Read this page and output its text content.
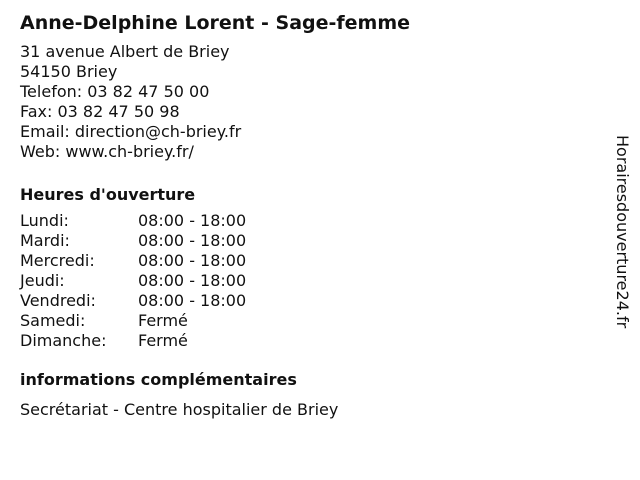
Anne-Delphine Lorent - Sage-femme
31 avenue Albert de Briey
54150 Briey
Telefon: 03 82 47 50 00
Fax: 03 82 47 50 98
Email: direction@ch-briey.fr
Web: www.ch-briey.fr/
Heures d'ouverture
Lundi:	08:00 - 18:00
Mardi:	08:00 - 18:00
Mercredi:	08:00 - 18:00
Jeudi:	08:00 - 18:00
Vendredi:	08:00 - 18:00
Samedi:	Fermé
Dimanche:	Fermé
informations complémentaires
Secrétariat - Centre hospitalier de Briey
Horairesdouverture24.fr
